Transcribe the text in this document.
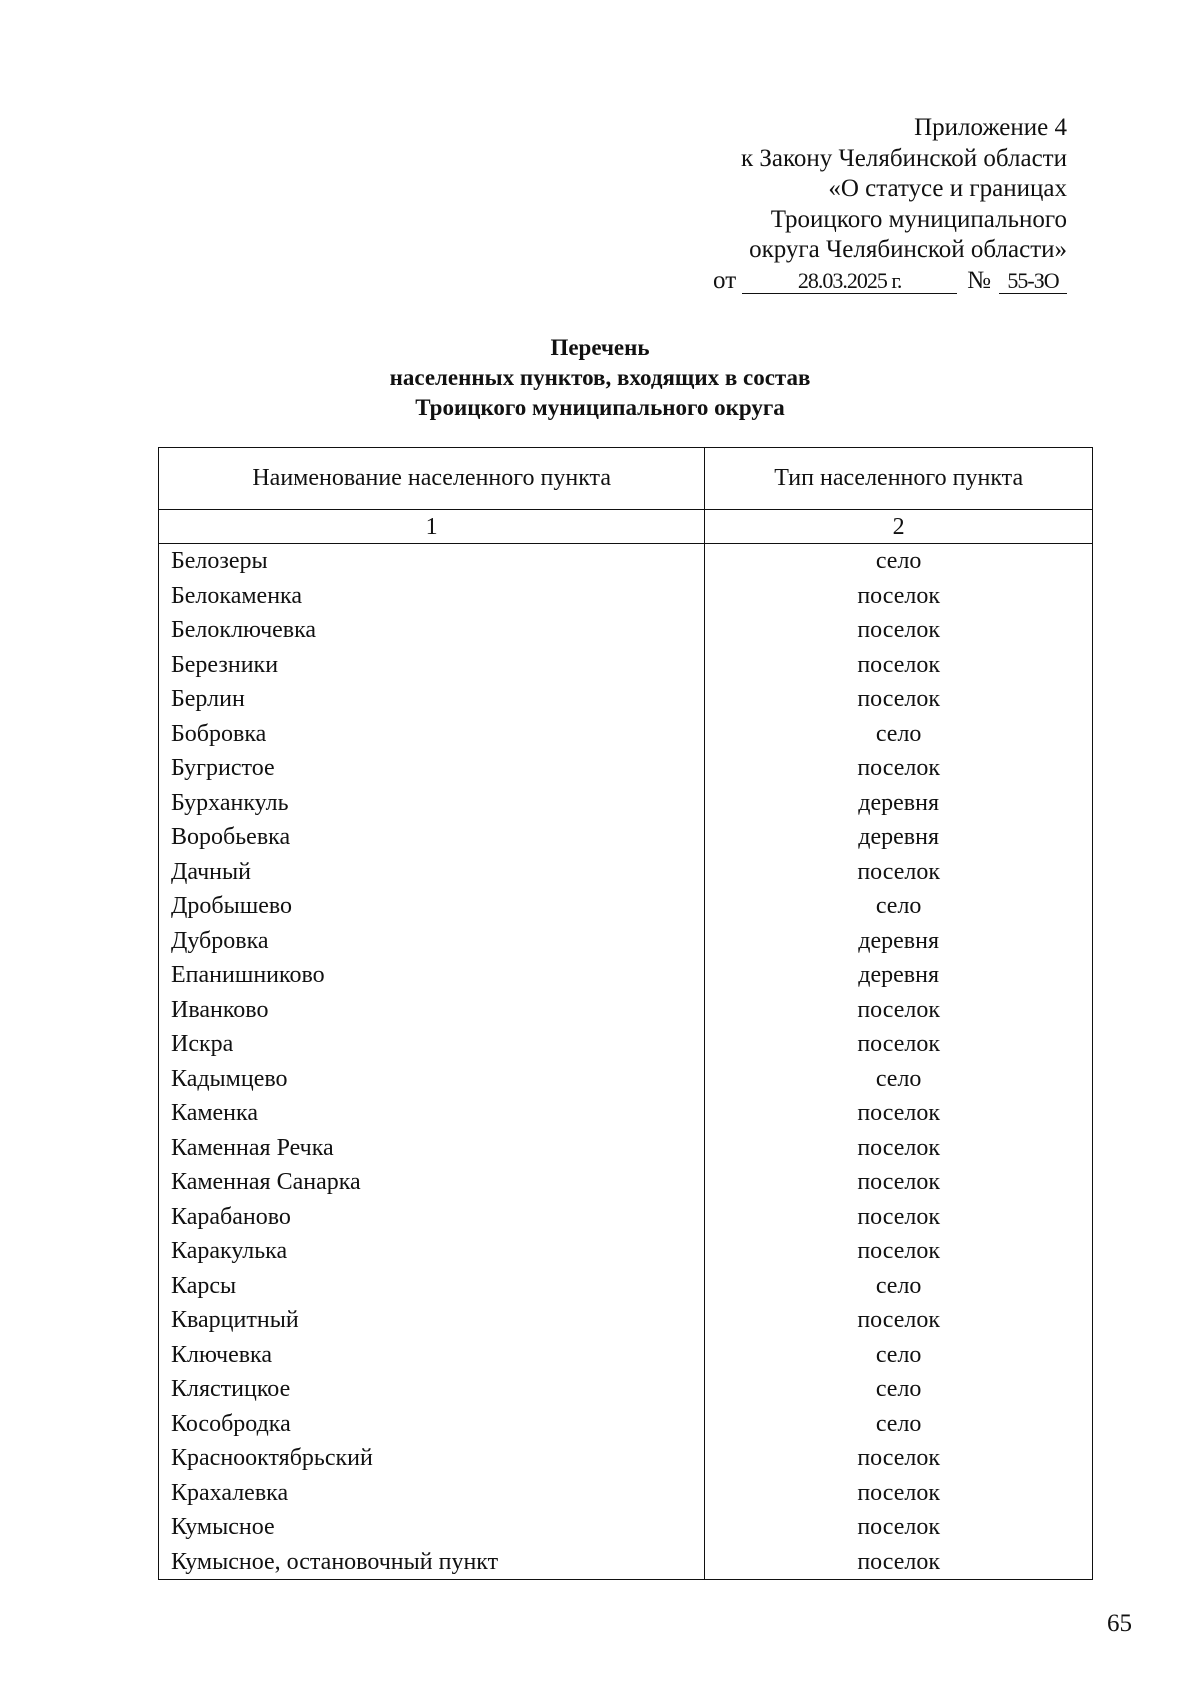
Приложение 4
к Закону Челябинской области
«О статусе и границах
Троицкого муниципального
округа Челябинской области»
от	28.03.2025 г.	№ 55-ЗО
Перечень
населенных пунктов, входящих в состав
Троицкого муниципального округа
Наименование населенного пункта	Тип населенного пункта
1	2
Белозеры	село
Белокаменка	поселок
Белоключевка	поселок
Березники	поселок
Берлин	поселок
Бобровка	село
Бугристое	поселок
Бурханкуль	деревня
Воробьевка	деревня
Дачный	поселок
Дробышево	село
Дубровка	деревня
Епанишниково	деревня
Иванково	поселок
Искра	поселок
Кадымцево	село
Каменка	поселок
Каменная Речка	поселок
Каменная Санарка	поселок
Карабаново	поселок
Каракулька	поселок
Карсы	село
Кварцитный	поселок
Ключевка	село
Клястицкое	село
Кособродка	село
Краснооктябрьский	поселок
Крахалевка	поселок
Кумысное	поселок
Кумысное, остановочный пункт	поселок
65
